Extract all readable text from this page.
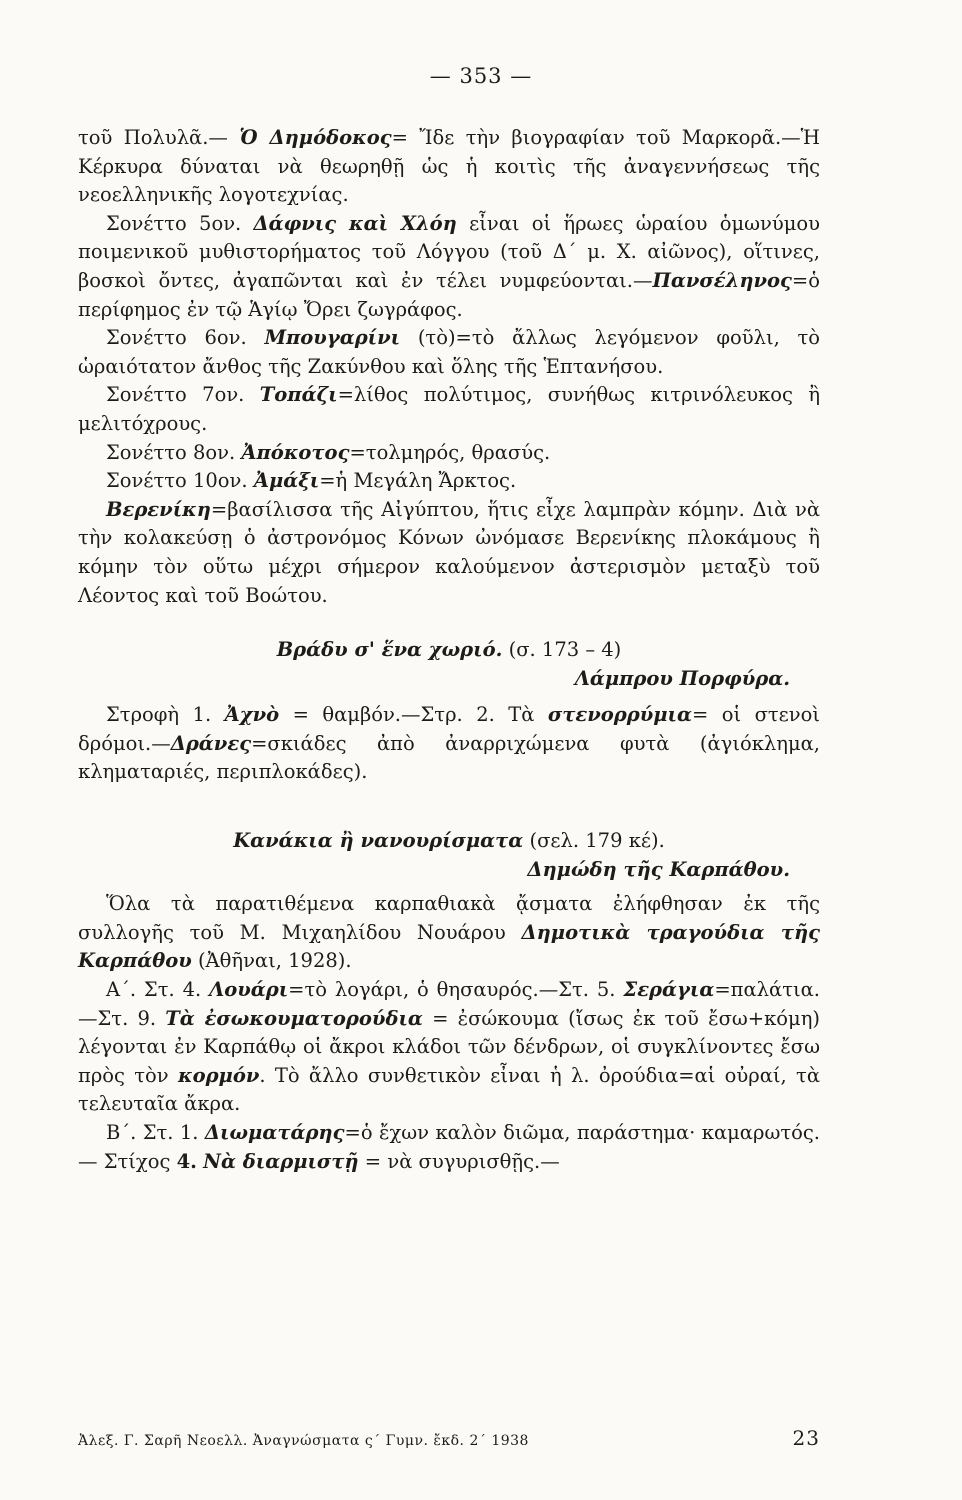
— 353 —

τοῦ Πολυλᾶ.— Ὁ Δημόδοκος= Ἴδε τὴν βιογραφίαν τοῦ Μαρκορᾶ.—Ἡ Κέρκυρα δύναται νὰ θεωρηθῇ ὡς ἡ κοιτὶς τῆς ἀναγεννήσεως τῆς νεοελληνικῆς λογοτεχνίας.

Σονέττο 5ον. Δάφνις καὶ Χλόη εἶναι οἱ ἥρωες ὡραίου ὁμωνύμου ποιμενικοῦ μυθιστορήματος τοῦ Λόγγου (τοῦ Δ´ μ. Χ. αἰῶνος), οἵτινες, βοσκοὶ ὄντες, ἀγαπῶνται καὶ ἐν τέλει νυμφεύονται.—Πανσέληνος=ὁ περίφημος ἐν τῷ Ἁγίῳ Ὄρει ζωγράφος.

Σονέττο 6ον. Μπουγαρίνι (τὸ)=τὸ ἄλλως λεγόμενον φοῦλι, τὸ ὡραιότατον ἄνθος τῆς Ζακύνθου καὶ ὅλης τῆς Ἑπτανήσου.

Σονέττο 7ον. Τοπάζι=λίθος πολύτιμος, συνήθως κιτρινόλευκος ἢ μελιτόχρους.

Σονέττο 8ον. Ἀπόκοτος=τολμηρός, θρασύς.

Σονέττο 10ον. Ἀμάξι=ἡ Μεγάλη Ἄρκτος.

Βερενίκη=βασίλισσα τῆς Αἰγύπτου, ἥτις εἶχε λαμπρὰν κόμην. Διὰ νὰ τὴν κολακεύσῃ ὁ ἀστρονόμος Κόνων ὠνόμασε Βερενίκης πλοκάμους ἢ κόμην τὸν οὕτω μέχρι σήμερον καλούμενον ἀστερισμὸν μεταξὺ τοῦ Λέοντος καὶ τοῦ Βοώτου.

Βράδυ σ' ἕνα χωριό. (σ. 173 – 4)

Λάμπρου Πορφύρα.

Στροφὴ 1. Ἀχνὸ = θαμβόν.—Στρ. 2. Τὰ στενορρύμια= οἱ στενοὶ δρόμοι.—Δράνες=σκιάδες ἀπὸ ἀναρριχώμενα φυτὰ (ἀγιόκλημα, κληματαριές, περιπλοκάδες).

Κανάκια ἢ νανουρίσματα (σελ. 179 κέ).

Δημώδη τῆς Καρπάθου.

Ὅλα τὰ παρατιθέμενα καρπαθιακὰ ᾄσματα ἐλήφθησαν ἐκ τῆς συλλογῆς τοῦ Μ. Μιχαηλίδου Νουάρου Δημοτικὰ τραγούδια τῆς Καρπάθου (Ἀθῆναι, 1928).

Α´. Στ. 4. Λουάρι=τὸ λογάρι, ὁ θησαυρός.—Στ. 5. Σεράγια=παλάτια.—Στ. 9. Τὰ ἐσωκουματορούδια = ἐσώκουμα (ἴσως ἐκ τοῦ ἔσω+κόμη) λέγονται ἐν Καρπάθῳ οἱ ἄκροι κλάδοι τῶν δένδρων, οἱ συγκλίνοντες ἔσω πρὸς τὸν κορμόν. Τὸ ἄλλο συνθετικὸν εἶναι ἡ λ. ὀρούδια=αἱ οὐραί, τὰ τελευταῖα ἄκρα.

Β´. Στ. 1. Διωματάρης=ὁ ἔχων καλὸν διῶμα, παράστημα· καμαρωτός.— Στίχος 4. Νὰ διαρμιστῇ = νὰ συγυρισθῇς.—

Ἀλεξ. Γ. Σαρῆ Νεοελλ. Ἀναγνώσματα ς´ Γυμν. ἔκδ. 2´ 1938	23
